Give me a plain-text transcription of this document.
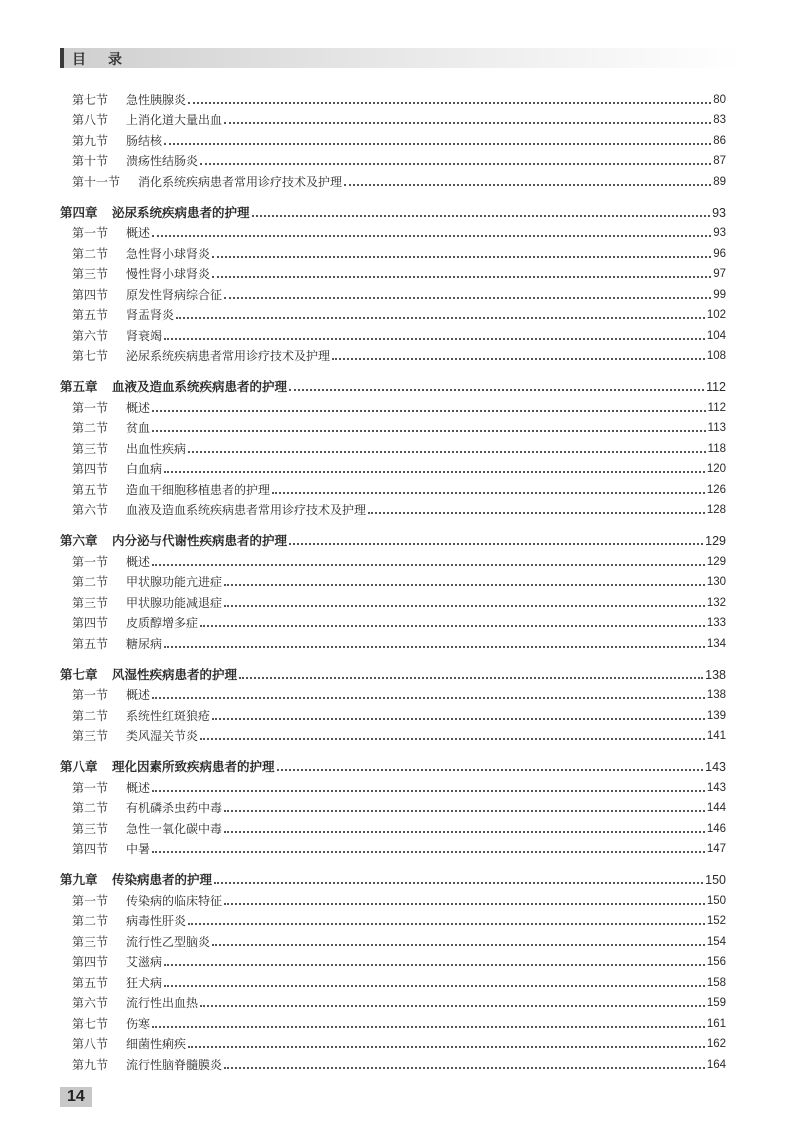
目录
第七节	急性胰腺炎	80
第八节	上消化道大量出血	83
第九节	肠结核	86
第十节	溃疡性结肠炎	87
第十一节	消化系统疾病患者常用诊疗技术及护理	89
第四章	泌尿系统疾病患者的护理	93
第一节	概述	93
第二节	急性肾小球肾炎	96
第三节	慢性肾小球肾炎	97
第四节	原发性肾病综合征	99
第五节	肾盂肾炎	102
第六节	肾衰竭	104
第七节	泌尿系统疾病患者常用诊疗技术及护理	108
第五章	血液及造血系统疾病患者的护理	112
第一节	概述	112
第二节	贫血	113
第三节	出血性疾病	118
第四节	白血病	120
第五节	造血干细胞移植患者的护理	126
第六节	血液及造血系统疾病患者常用诊疗技术及护理	128
第六章	内分泌与代谢性疾病患者的护理	129
第一节	概述	129
第二节	甲状腺功能亢进症	130
第三节	甲状腺功能减退症	132
第四节	皮质醇增多症	133
第五节	糖尿病	134
第七章	风湿性疾病患者的护理	138
第一节	概述	138
第二节	系统性红斑狼疮	139
第三节	类风湿关节炎	141
第八章	理化因素所致疾病患者的护理	143
第一节	概述	143
第二节	有机磷杀虫药中毒	144
第三节	急性一氧化碳中毒	146
第四节	中暑	147
第九章	传染病患者的护理	150
第一节	传染病的临床特征	150
第二节	病毒性肝炎	152
第三节	流行性乙型脑炎	154
第四节	艾滋病	156
第五节	狂犬病	158
第六节	流行性出血热	159
第七节	伤寒	161
第八节	细菌性痢疾	162
第九节	流行性脑脊髓膜炎	164
14
